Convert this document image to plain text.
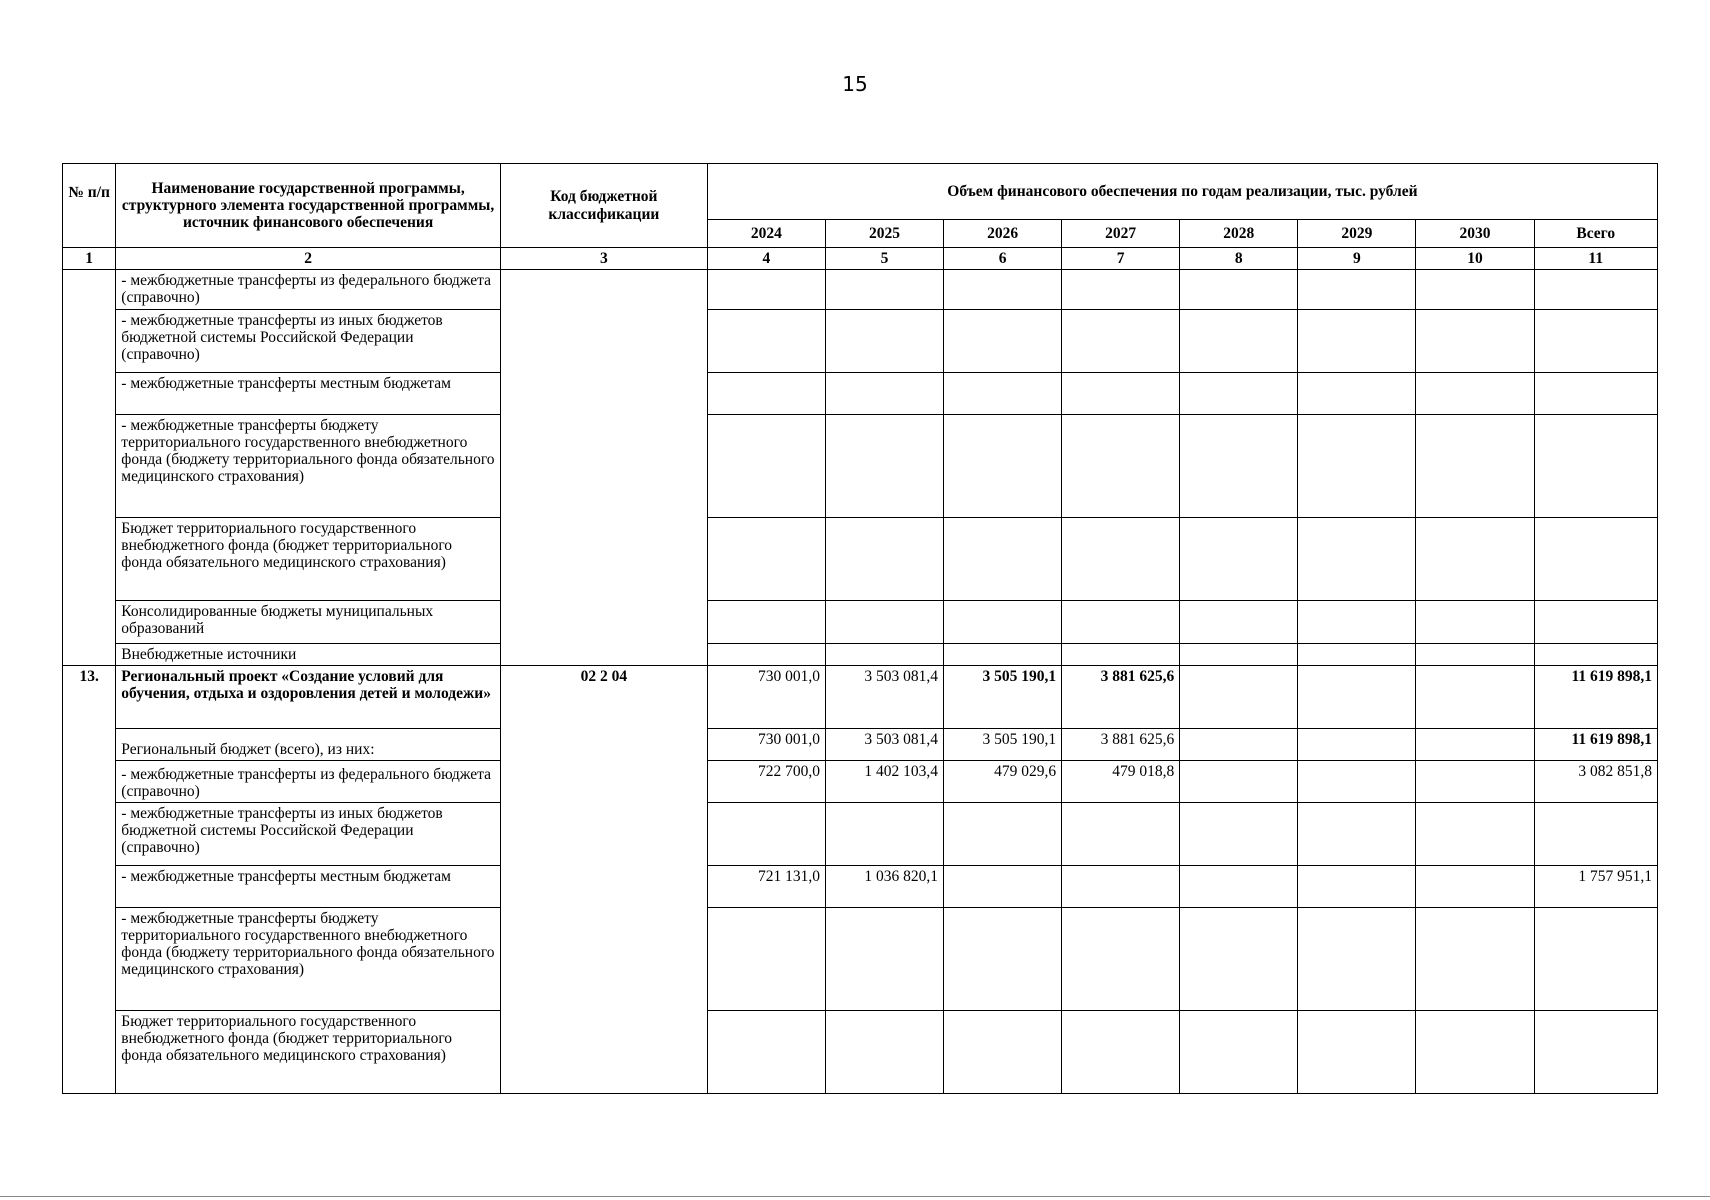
15
№ п/п	Наименование государственной программы, структурного элемента государственной программы, источник финансового обеспечения	Код бюджетной классификации	Объем финансового обеспечения по годам реализации, тыс. рублей							
			2024	2025	2026	2027	2028	2029	2030	Всего
1	2	3	4	5	6	7	8	9	10	11
	- межбюджетные трансферты из федерального бюджета (справочно)									
	- межбюджетные трансферты из иных бюджетов бюджетной системы Российской Федерации (справочно)									
	- межбюджетные трансферты местным бюджетам									
	- межбюджетные трансферты бюджету территориального государственного внебюджетного фонда (бюджету территориального фонда обязательного медицинского страхования)									
	Бюджет территориального государственного внебюджетного фонда (бюджет территориального фонда обязательного медицинского страхования)									
	Консолидированные бюджеты муниципальных образований									
	Внебюджетные источники									
13.	Региональный проект «Создание условий для обучения, отдыха и оздоровления детей и молодежи»	02 2 04	730 001,0	3 503 081,4	3 505 190,1	3 881 625,6				11 619 898,1
	Региональный бюджет (всего), из них:		730 001,0	3 503 081,4	3 505 190,1	3 881 625,6				11 619 898,1
	- межбюджетные трансферты из федерального бюджета (справочно)		722 700,0	1 402 103,4	479 029,6	479 018,8				3 082 851,8
	- межбюджетные трансферты из иных бюджетов бюджетной системы Российской Федерации (справочно)									
	- межбюджетные трансферты местным бюджетам		721 131,0	1 036 820,1						1 757 951,1
	- межбюджетные трансферты бюджету территориального государственного внебюджетного фонда (бюджету территориального фонда обязательного медицинского страхования)									
	Бюджет территориального государственного внебюджетного фонда (бюджет территориального фонда обязательного медицинского страхования)									
